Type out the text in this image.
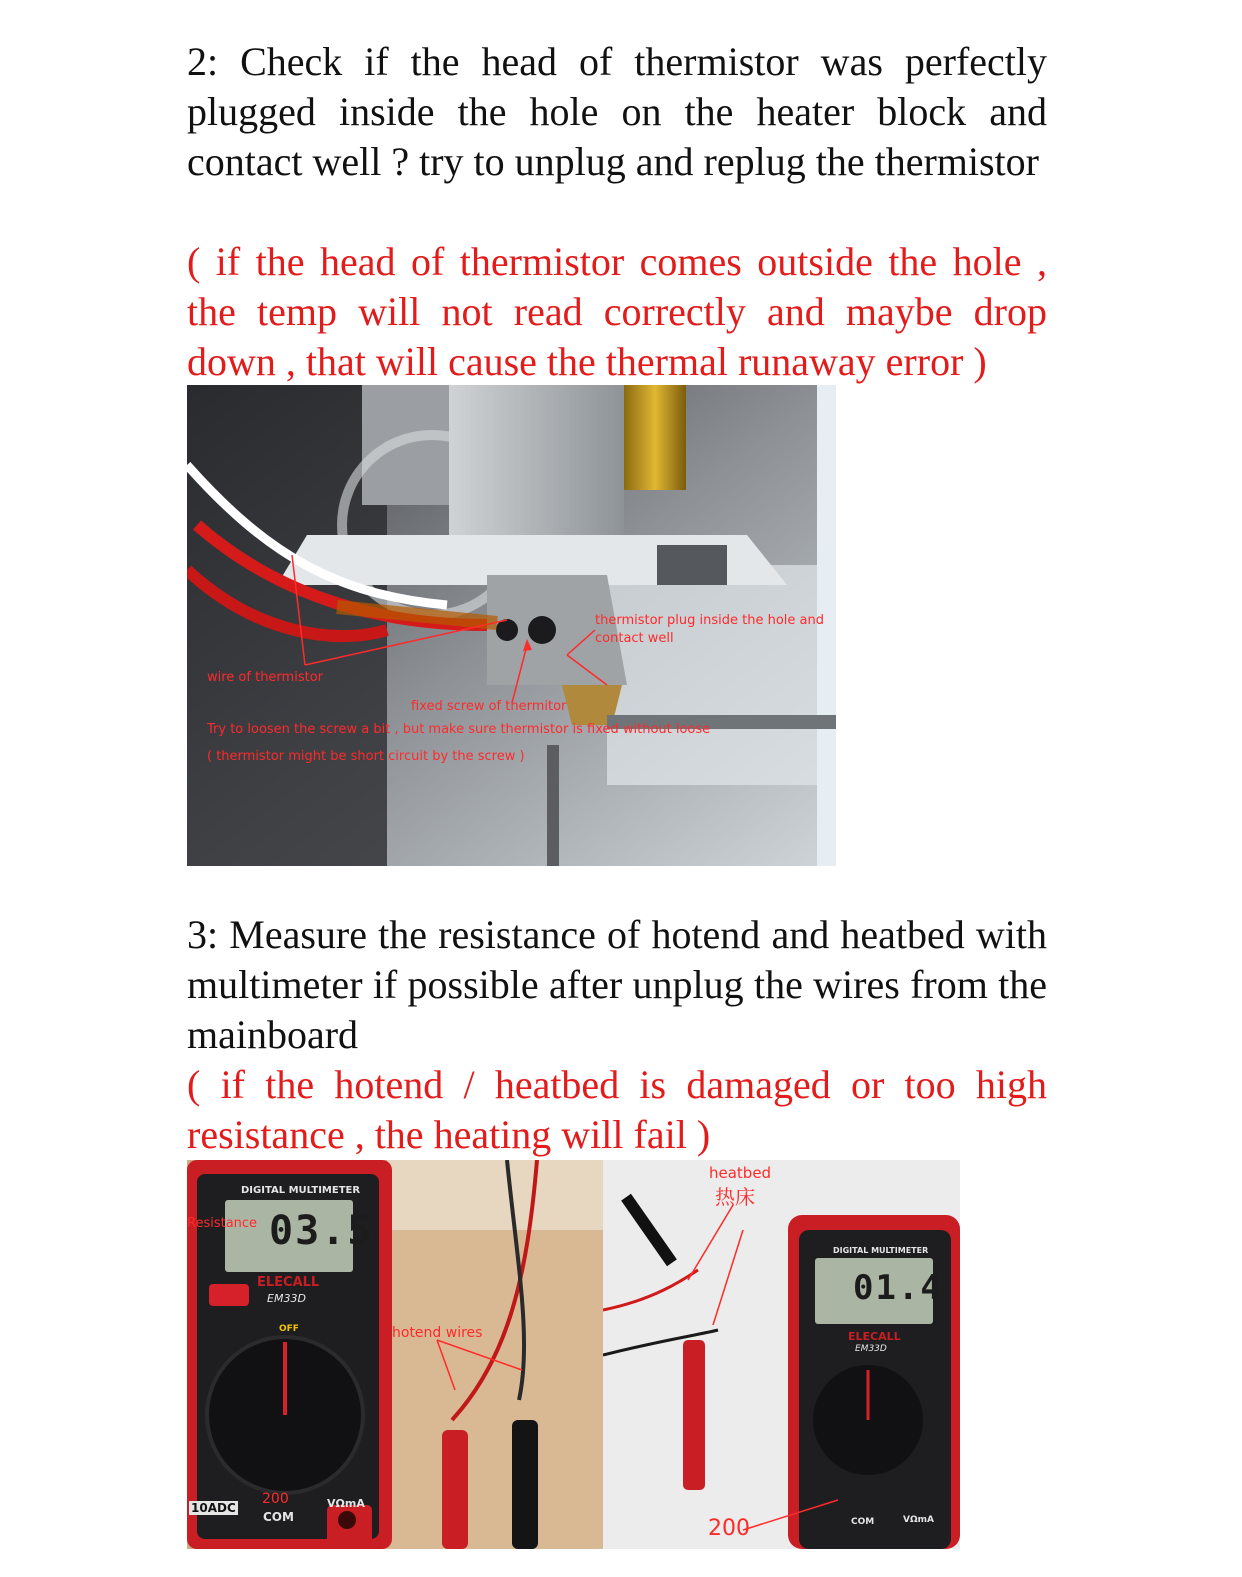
2: Check if the head of thermistor was perfectly plugged inside the hole on the heater block and contact well ? try to unplug and replug the thermistor

( if the head of thermistor comes outside the hole , the temp will not read correctly and maybe drop down , that will cause the thermal runaway error )

thermistor plug inside the hole and
contact well
wire of thermistor
fixed screw of thermitor
Try to loosen the screw a bit , but make sure thermistor is fixed without loose
( thermistor might be short circuit by the screw )

3: Measure the resistance of hotend and heatbed with multimeter if possible after unplug the wires from the mainboard

( if the hotend / heatbed is damaged or too high resistance , the heating will fail )

DIGITAL MULTIMETER
03.5
Resistance
ELECALL
EM33D
OFF	hotend wires
200
COM
10ADC	VΩmA
heatbed
热床
DIGITAL MULTIMETER
01.4
ELECALL
EM33D
200	COM	VΩmA
